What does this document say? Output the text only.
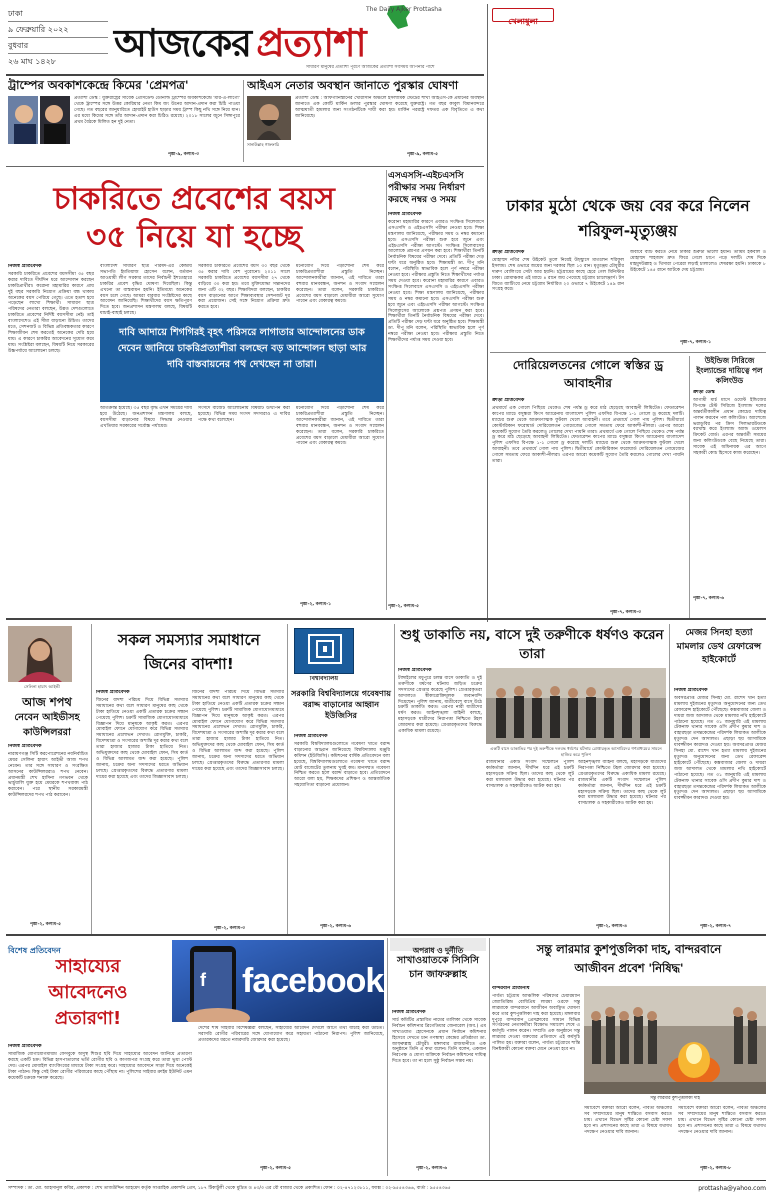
ঢাকা
৯ ফেব্রুয়ারি ২০২২
বুধবার
২৬ মাঘ ১৪২৮	আজকের প্রত্যাশা
The Daily Ajker Prottasha
সাধারণ মানুষের প্রত্যাশা পূরণে আজকের প্রত্যাশা সবসময় আপনার পাশে
ট্রাম্পের অবকাশকেন্দ্রে কিমের 'প্রেমপত্র'
প্রত্যাশা ডেস্ক : যুক্তরাষ্ট্রের সাবেক প্রেসিডেন্ট ডোনাল্ড ট্রাম্পের অবকাশকেন্দ্রে 'মার-এ-লাগো' থেকে ট্রাম্পের সঙ্গে উত্তর কোরিয়ার নেতা কিম জং উনের আদান-প্রদান করা চিঠি পাওয়া গেছে। গত বছরের জানুয়ারিতে হোয়াইট হাউস ছাড়ার সময় ট্রাম্প কিছু নথি সঙ্গে নিয়ে যান। এর মধ্যে কিমের সঙ্গে তাঁর আদান-প্রদান করা চিঠিও রয়েছে। ২০১৮ সালের জুনে সিঙ্গাপুরে প্রথম বৈঠকে মিলিত হন দুই নেতা।
পৃষ্ঠা-৯, কলাম-৩
আইএস নেতার অবস্থান জানাতে পুরস্কার ঘোষণা
সানাউল্লাহ গাফফারি
প্রত্যাশা ডেস্ক : আফগানিস্তানের খোরাসান অঞ্চলে ইসলামিক স্টেটের শাখা আইএস-কে প্রধানের অবস্থান জানাতে এক কোটি মার্কিন ডলার পুরস্কার ঘোষণা করেছে যুক্তরাষ্ট্র। গত বছর কাবুল বিমানবন্দরে আত্মঘাতী হামলার জন্য সংগঠনটিকে দায়ী করা হয়। মার্কিন পররাষ্ট্র দফতর এক বিবৃতিতে এ কথা জানিয়েছে।
পৃষ্ঠা-৯, কলাম-৫
চাকরিতে প্রবেশের বয়স
৩৫ নিয়ে যা হচ্ছে
নিজস্ব প্রতিবেদক
সরকারি চাকরিতে প্রবেশের বয়সসীমা ৩৫ বছর করার দাবিতে দীর্ঘদিন ধরে আন্দোলন করছেন চাকরিপ্রার্থীরা। করোনা মহামারির কারণে প্রায় দুই বছর সরকারি নিয়োগ প্রক্রিয়া বন্ধ থাকায় অনেকের বয়স পেরিয়ে গেছে। এতে হতাশ হয়ে পড়েছেন লাখো শিক্ষার্থী। সাধারণ ছাত্র পরিষদের নেতারা বলছেন, উন্নত দেশগুলোতে চাকরিতে প্রবেশের নির্দিষ্ট বয়সসীমা নেই। তাই বাংলাদেশেও এই সীমা বাড়ানো উচিত। তাদের মতে, সেশনজট ও বিভিন্ন প্রতিবন্ধকতার কারণে শিক্ষাজীবন শেষ করতেই অনেকের দেরি হয়ে যায়। এ কারণে চাকরির আবেদনের সুযোগ কমে যায়। সংশ্লিষ্টরা বলছেন, বিষয়টি নিয়ে সরকারের উচ্চপর্যায়ে আলোচনা চলছে।
বাংলাদেশ সাধারণ ছাত্র পরিষদ-এর কেন্দ্রীয় সভাপতি ইমতিয়াজ হোসেন বলেন, বর্তমান আওয়ামী লীগ সরকার তাদের নির্বাচনী ইশতেহারে চাকরির প্রবেশ বৃদ্ধির ঘোষণা দিয়েছিল। কিন্তু এখনো তা বাস্তবায়ন হয়নি। ইতিমধ্যে অনেকের বয়স চলে গেছে। আমরা বারবার সংশ্লিষ্টদের কাছে আবেদন জানিয়েছি। শিক্ষার্থীদের বয়স ক্ষতিপূরণ দিতে হবে। জনপ্রশাসন মন্ত্রণালয় বলছে, বিষয়টি যাচাই-বাছাই চলছে।
সরকারি চাকরিতে প্রবেশের বয়স ৩০ বছর থেকে ৩৫ করার দাবি বেশ পুরোনো। ২০১১ সালে সরকারি চাকরিতে প্রবেশের বয়সসীমা ২৭ থেকে বাড়িয়ে ৩০ করা হয়। তবে মুক্তিযোদ্ধা সন্তানদের জন্য এটি ৩২ বছর। শিক্ষাবিদরা বলছেন, চাকরির বয়স বাড়ানোর আগে শিক্ষাব্যবস্থার সেশনজট দূর করা প্রয়োজন। সেই সঙ্গে নিয়োগ প্রক্রিয়া দ্রুত করতে হবে।
মনোযোগ দিয়ে পড়াশোনা শেষ করে চাকরিপ্রত্যাশীরা প্রস্তুতি নিচ্ছেন। আন্দোলনকারীরা জানান, এই দাবিতে তারা বহুবার মানববন্ধন, অনশন ও সংবাদ সম্মেলন করেছেন। তারা বলেন, সরকারি চাকরিতে প্রবেশের বয়স বাড়ালে মেধাবীরা আরো সুযোগ পাবেন এবং বেকারত্ব কমবে।
দাবি আদায়ে শিগগিরই বৃহৎ পরিসরে লাগাতার আন্দোলনের ডাক দেবেন জানিয়ে চাকরিপ্রত্যাশীরা বলছেন বড় আন্দোলন ছাড়া আর দাবি বাস্তবায়নের পথ দেখছেন না তারা।
অতিক্রান্ত হয়েছে। ৩৫ বছর বৃদ্ধি এখন সময়ের দাবি হয়ে উঠেছে। জনপ্রশাসন মন্ত্রণালয় বলছে, বয়সসীমা বাড়ানোর বিষয়ে সিদ্ধান্ত নেওয়ার এখতিয়ার সরকারের সর্বোচ্চ পর্যায়ের।
সংসদে বাজেট আলোচনায় বিষয়টি উত্থাপন করা হয়েছে। বিভিন্ন সময় সংসদ সদস্যরাও এ দাবির পক্ষে কথা বলেছেন।
মনোযোগ দিয়ে পড়াশোনা শেষ করে চাকরিপ্রত্যাশীরা প্রস্তুতি নিচ্ছেন। আন্দোলনকারীরা জানান, এই দাবিতে তারা বহুবার মানববন্ধন, অনশন ও সংবাদ সম্মেলন করেছেন। তারা বলেন, সরকারি চাকরিতে প্রবেশের বয়স বাড়ালে মেধাবীরা আরো সুযোগ পাবেন এবং বেকারত্ব কমবে।
পৃষ্ঠা-২, কলাম-১
এসএসসি-এইচএসসি পরীক্ষার সময় নির্ধারণ করছে নম্বর ও সময়
নিজস্ব প্রতিবেদক
করোনা মহামারির কারণে এবারও সংক্ষিপ্ত সিলেবাসে এসএসসি ও এইচএসসি পরীক্ষা নেওয়া হবে। শিক্ষা মন্ত্রণালয় জানিয়েছে, পরীক্ষার সময় ও নম্বর কমানো হবে। এসএসসি পরীক্ষা শুরু হবে জুনে এবং এইচএসসি পরীক্ষা আগস্টে। সংক্ষিপ্ত সিলেবাসের আলোকে প্রশ্নপত্র প্রণয়ন করা হবে। শিক্ষার্থীরা তিনটি নৈর্বাচনিক বিষয়ের পরীক্ষা দেবে। প্রতিটি পরীক্ষা দেড় ঘণ্টা ধরে অনুষ্ঠিত হবে। শিক্ষামন্ত্রী ডা. দীপু মনি বলেন, পরিস্থিতি স্বাভাবিক হলে পূর্ণ নম্বরে পরীক্ষা নেওয়া হবে। পরীক্ষার প্রস্তুতি নিতে শিক্ষার্থীদের পর্যাপ্ত সময় দেওয়া হবে। করোনা মহামারির কারণে এবারও সংক্ষিপ্ত সিলেবাসে এসএসসি ও এইচএসসি পরীক্ষা নেওয়া হবে। শিক্ষা মন্ত্রণালয় জানিয়েছে, পরীক্ষার সময় ও নম্বর কমানো হবে। এসএসসি পরীক্ষা শুরু হবে জুনে এবং এইচএসসি পরীক্ষা আগস্টে। সংক্ষিপ্ত সিলেবাসের আলোকে প্রশ্নপত্র প্রণয়ন করা হবে। শিক্ষার্থীরা তিনটি নৈর্বাচনিক বিষয়ের পরীক্ষা দেবে। প্রতিটি পরীক্ষা দেড় ঘণ্টা ধরে অনুষ্ঠিত হবে। শিক্ষামন্ত্রী ডা. দীপু মনি বলেন, পরিস্থিতি স্বাভাবিক হলে পূর্ণ নম্বরে পরীক্ষা নেওয়া হবে। পরীক্ষার প্রস্তুতি নিতে শিক্ষার্থীদের পর্যাপ্ত সময় দেওয়া হবে।
পৃষ্ঠা-২, কলাম-৫
খেলাধুলা
BANQUET
23
NAIM
ঢাকার মুঠো থেকে জয় বের করে নিলেন শরিফুল-মৃত্যুঞ্জয়
ক্রীড়া প্রতিবেদক
মোহাম্মদ নবির শেষ উইকেট তুলে নিয়েই উচ্ছ্বাসে মাতলেন শরিফুল ইসলাম। শেষ ওভারে জয়ের জন্য দরকার ছিল ১০ রান। মৃত্যুঞ্জয় চৌধুরীর দারুণ বোলিংয়ে সেটা আর হয়নি। চট্টগ্রামের কাছে হেরে গেল মিনিস্টার ঢাকা। রোমাঞ্চকর এই ম্যাচে ৪ রানে জয় পেয়েছে চট্টগ্রাম চ্যালেঞ্জার্স। টস জিতে ব্যাটিংয়ে নেমে চট্টগ্রাম নির্ধারিত ২০ ওভারে ৭ উইকেটে ১৪৯ রান সংগ্রহ করে।
জবাবে ব্যাট করতে নেমে ঢাকার শুরুটা ভালো হয়নি। তামিম ইকবাল ও মোহাম্মদ শাহজাদ দ্রুত ফিরে গেলে চাপে পড়ে দলটি। শেষ দিকে মাহমুদউল্লাহ ও থিসারা পেরেরা লড়াই চালালেও শেষরক্ষা হয়নি। ঢাকাকে ৮ উইকেটে ১৪৫ রানে আটকে দেয় চট্টগ্রাম।
পৃষ্ঠা-৭, কলাম-১
দোরিয়েলতনের গোলে স্বস্তির ড্র আবাহনীর
ক্রীড়া প্রতিবেদক
প্রথমার্ধে এক গোলে পিছিয়ে থেকেও শেষ পর্যন্ত ড্র করে মাঠ ছেড়েছে আবাহনী লিমিটেড। ফেডারেশন কাপের ম্যাচে বসুন্ধরা কিংস অ্যারেনায় বাংলাদেশ পুলিশ এফসির বিপক্ষে ১-১ গোলে ড্র করেছে দলটি। ম্যাচের শুরু থেকে আক্রমণাত্মক ফুটবল খেলে আবাহনী। তবে প্রথমার্ধে গোল পায় পুলিশ। দ্বিতীয়ার্ধে কোস্টারিকান ফরোয়ার্ড দোরিয়েলতন গোমেজের গোলে সমতায় ফেরে আকাশী-নীলরা। এরপর আরো কয়েকটি সুযোগ তৈরি করলেও গোলের দেখা পায়নি তারা। প্রথমার্ধে এক গোলে পিছিয়ে থেকেও শেষ পর্যন্ত ড্র করে মাঠ ছেড়েছে আবাহনী লিমিটেড। ফেডারেশন কাপের ম্যাচে বসুন্ধরা কিংস অ্যারেনায় বাংলাদেশ পুলিশ এফসির বিপক্ষে ১-১ গোলে ড্র করেছে দলটি। ম্যাচের শুরু থেকে আক্রমণাত্মক ফুটবল খেলে আবাহনী। তবে প্রথমার্ধে গোল পায় পুলিশ। দ্বিতীয়ার্ধে কোস্টারিকান ফরোয়ার্ড দোরিয়েলতন গোমেজের গোলে সমতায় ফেরে আকাশী-নীলরা। এরপর আরো কয়েকটি সুযোগ তৈরি করলেও গোলের দেখা পায়নি তারা।
পৃষ্ঠা-৭, কলাম-৩
উইন্ডিজ সিরিজে ইংল্যান্ডের দায়িত্বে পল কলিংউড
ক্রীড়া ডেস্ক
আগামী মার্চ মাসে ওয়েস্ট ইন্ডিজের বিপক্ষে টেস্ট সিরিজে ইংল্যান্ড দলের অন্তর্বর্তীকালীন প্রধান কোচের দায়িত্ব পালন করবেন পল কলিংউড। অ্যাশেজে ভরাডুবির পর ক্রিস সিলভারউডকে বরখাস্ত করে ইংল্যান্ড অ্যান্ড ওয়েলস ক্রিকেট বোর্ড। এরপর অন্তর্বর্তী সময়ের জন্য কলিংউডকে বেছে নিয়েছে তারা। সাবেক এই অধিনায়ক এর আগে সহকারী কোচ হিসেবে কাজ করেছেন।
পৃষ্ঠা-৭, কলাম-৬
সেলিনা হায়াৎ আইভী
আজ শপথ
নেবেন আইভীসহ
কাউন্সিলররা
নিজস্ব প্রতিবেদক
নারায়ণগঞ্জ সিটি করপোরেশনের নবনির্বাচিত মেয়র সেলিনা হায়াৎ আইভী আজ শপথ নেবেন। তার সঙ্গে সাধারণ ও সংরক্ষিত আসনের কাউন্সিলররাও শপথ নেবেন। প্রধানমন্ত্রী শেখ হাসিনা গণভবন থেকে ভার্চুয়ালি যুক্ত হয়ে মেয়রকে শপথবাক্য পাঠ করাবেন। পরে স্থানীয় সরকারমন্ত্রী কাউন্সিলরদের শপথ পাঠ করাবেন।
পৃষ্ঠা-২, কলাম-৫
সকল সমস্যার সমাধানে
জিনের বাদশা!
নিজস্ব প্রতিবেদক
জিনের বাদশা পরিচয় দিয়ে বিভিন্ন সমস্যার সমাধানের কথা বলে সাধারণ মানুষের কাছ থেকে টাকা হাতিয়ে নেওয়া একটি প্রতারক চক্রের সন্ধান পেয়েছে পুলিশ। চক্রটি সামাজিক যোগাযোগমাধ্যমে বিজ্ঞাপন দিয়ে মানুষকে আকৃষ্ট করত। এরপর মোবাইল ফোনে যোগাযোগ করে বিভিন্ন সমস্যার সমাধানের প্রলোভন দেখাত। রোগমুক্তি, চাকরি, বিদেশযাত্রা ও সংসারের অশান্তি দূর করার কথা বলে তারা হাজার হাজার টাকা হাতিয়ে নিত। অভিযুক্তদের কাছ থেকে মোবাইল ফোন, সিম কার্ড ও বিভিন্ন আলামত জব্দ করা হয়েছে। পুলিশ জানায়, চক্রের অন্য সদস্যদের ধরতে অভিযান চলছে। গ্রেপ্তারকৃতদের বিরুদ্ধে প্রতারণার মামলা দায়ের করা হয়েছে এবং তাদের জিজ্ঞাসাবাদ চলছে।
জিনের বাদশা পরিচয় দিয়ে বিভিন্ন সমস্যার সমাধানের কথা বলে সাধারণ মানুষের কাছ থেকে টাকা হাতিয়ে নেওয়া একটি প্রতারক চক্রের সন্ধান পেয়েছে পুলিশ। চক্রটি সামাজিক যোগাযোগমাধ্যমে বিজ্ঞাপন দিয়ে মানুষকে আকৃষ্ট করত। এরপর মোবাইল ফোনে যোগাযোগ করে বিভিন্ন সমস্যার সমাধানের প্রলোভন দেখাত। রোগমুক্তি, চাকরি, বিদেশযাত্রা ও সংসারের অশান্তি দূর করার কথা বলে তারা হাজার হাজার টাকা হাতিয়ে নিত। অভিযুক্তদের কাছ থেকে মোবাইল ফোন, সিম কার্ড ও বিভিন্ন আলামত জব্দ করা হয়েছে। পুলিশ জানায়, চক্রের অন্য সদস্যদের ধরতে অভিযান চলছে। গ্রেপ্তারকৃতদের বিরুদ্ধে প্রতারণার মামলা দায়ের করা হয়েছে এবং তাদের জিজ্ঞাসাবাদ চলছে।
পৃষ্ঠা-২, কলাম-৩
বিশ্ববিদ্যালয়
সরকারি বিশ্ববিদ্যালয়ে গবেষণায় বরাদ্দ বাড়ানোর আহ্বান ইউজিসির
নিজস্ব প্রতিবেদক
সরকারি বিশ্ববিদ্যালয়গুলোতে গবেষণা খাতে বরাদ্দ বাড়ানোর আহ্বান জানিয়েছে বিশ্ববিদ্যালয় মঞ্জুরি কমিশন (ইউজিসি)। কমিশনের বার্ষিক প্রতিবেদনে বলা হয়েছে, বিশ্ববিদ্যালয়গুলোতে গবেষণা খাতে বরাদ্দ মোট বাজেটের তুলনায় খুবই কম। মানসম্মত গবেষণা নিশ্চিত করতে হলে বরাদ্দ বাড়াতে হবে। প্রতিবেদনে আরো বলা হয়, শিক্ষকদের প্রশিক্ষণ ও আন্তর্জাতিক সহযোগিতা বাড়ানো প্রয়োজন।
পৃষ্ঠা-২, কলাম-৬
শুধু ডাকাতি নয়, বাসে দুই তরুণীকে ধর্ষণও করেন তারা
নিজস্ব প্রতিবেদক
টাঙ্গাইলের মধুপুরে চলন্ত বাসে ডাকাতি ও দুই তরুণীকে ধর্ষণের ঘটনায় জড়িত চক্রের সদস্যদের গ্রেপ্তার করেছে পুলিশ। গ্রেপ্তারকৃতরা আদালতে স্বীকারোক্তিমূলক জবানবন্দি দিয়েছেন। পুলিশ জানায়, যাত্রীবেশে বাসে উঠে চক্রটি ডাকাতি করত। এরপর নারী যাত্রীদের ধর্ষণ করত। আইনশৃঙ্খলা বাহিনী বলছে, মহাসড়কে যাত্রীদের নিরাপত্তা নিশ্চিতে টহল জোরদার করা হয়েছে। গ্রেপ্তারকৃতদের বিরুদ্ধে একাধিক মামলা রয়েছে।
একটি বাসে ডাকাতির পর দুই তরুণীকে দলবদ্ধ ধর্ষণের ঘটনায় গ্রেপ্তারকৃত আসামিদের গণমাধ্যমের সামনে হাজির করে পুলিশ
রাজধানীর একটি সংবাদ সম্মেলনে পুলিশ কর্মকর্তারা জানান, দীর্ঘদিন ধরে এই চক্রটি মহাসড়কে সক্রিয় ছিল। তাদের কাছ থেকে লুট করা মালামাল উদ্ধার করা হয়েছে। ঘটনার পর বাসচালক ও সহকারীকেও আটক করা হয়।
আইনশৃঙ্খলা বাহিনী বলছে, মহাসড়কে যাত্রীদের নিরাপত্তা নিশ্চিতে টহল জোরদার করা হয়েছে। গ্রেপ্তারকৃতদের বিরুদ্ধে একাধিক মামলা রয়েছে। রাজধানীর একটি সংবাদ সম্মেলনে পুলিশ কর্মকর্তারা জানান, দীর্ঘদিন ধরে এই চক্রটি মহাসড়কে সক্রিয় ছিল। তাদের কাছ থেকে লুট করা মালামাল উদ্ধার করা হয়েছে। ঘটনার পর বাসচালক ও সহকারীকেও আটক করা হয়।
পৃষ্ঠা-২, কলাম-৪
মেজর সিনহা হত্যা মামলার ডেথ রেফারেন্স হাইকোর্টে
নিজস্ব প্রতিবেদক
অবসরপ্রাপ্ত মেজর সিনহা মো. রাশেদ খান হত্যা মামলায় দুইজনের মৃত্যুদণ্ড অনুমোদনের জন্য ডেথ রেফারেন্স হাইকোর্টে পৌঁছেছে। কক্সবাজার জেলা ও দায়রা জজ আদালত থেকে মামলার নথি হাইকোর্টে পাঠানো হয়েছে। গত ৩১ জানুয়ারি এই মামলায় টেকনাফ থানার সাবেক ওসি প্রদীপ কুমার দাশ ও বাহারছড়া তদন্তকেন্দ্রের পরিদর্শক লিয়াকত আলীকে মৃত্যুদণ্ড দেন আদালত। এছাড়া ছয় আসামিকে যাবজ্জীবন কারাদণ্ড দেওয়া হয়। অবসরপ্রাপ্ত মেজর সিনহা মো. রাশেদ খান হত্যা মামলায় দুইজনের মৃত্যুদণ্ড অনুমোদনের জন্য ডেথ রেফারেন্স হাইকোর্টে পৌঁছেছে। কক্সবাজার জেলা ও দায়রা জজ আদালত থেকে মামলার নথি হাইকোর্টে পাঠানো হয়েছে। গত ৩১ জানুয়ারি এই মামলায় টেকনাফ থানার সাবেক ওসি প্রদীপ কুমার দাশ ও বাহারছড়া তদন্তকেন্দ্রের পরিদর্শক লিয়াকত আলীকে মৃত্যুদণ্ড দেন আদালত। এছাড়া ছয় আসামিকে যাবজ্জীবন কারাদণ্ড দেওয়া হয়।
পৃষ্ঠা-২, কলাম-৭
বিশেষ প্রতিবেদন
সাহায্যের
আবেদনেও
প্রতারণা!
f facebook
নিজস্ব প্রতিবেদক
সামাজিক যোগাযোগমাধ্যম ফেসবুকে অসুস্থ শিশুর ছবি দিয়ে সাহায্যের আবেদন জানিয়ে প্রতারণা করছে একটি চক্র। বিভিন্ন হাসপাতালের ভর্তি রোগীর ছবি ও কাগজপত্র সংগ্রহ করে তারা ভুয়া পোস্ট দেয়। এরপর মোবাইল ব্যাংকিংয়ের মাধ্যমে টাকা সংগ্রহ করে। সাহায্যের আবেদনে সাড়া দিয়ে অনেকেই টাকা পাঠান। কিন্তু সেই টাকা রোগীর পরিবারের কাছে পৌঁছায় না। পুলিশের সাইবার ক্রাইম ইউনিট এমন কয়েকটি চক্রকে শনাক্ত করেছে।
দেশের শীর্ষ সাইবার বিশেষজ্ঞরা বলছেন, সাহায্যের আবেদন দেখলে আগে তথ্য যাচাই করা উচিত। সরাসরি রোগীর পরিবারের সঙ্গে যোগাযোগ করে সহায়তা পাঠানো নিরাপদ। পুলিশ জানিয়েছে, প্রতারকদের ধরতে নজরদারি জোরদার করা হয়েছে।
পৃষ্ঠা-২, কলাম-৫
অপরাধ ও দুর্নীতি
সাখাওয়াতকে সিসিসি চান জাফরুল্লাহ
নিজস্ব প্রতিবেদক
সার্চ কমিটির প্রস্তাবিত নামের তালিকা থেকে সাবেক নির্বাচন কমিশনার ব্রিগেডিয়ার জেনারেল (অব.) এম সাখাওয়াত হোসেনকে প্রধান নির্বাচন কমিশনার হিসেবে দেখতে চান গণস্বাস্থ্য কেন্দ্রের প্রতিষ্ঠাতা ডা. জাফরুল্লাহ চৌধুরী। মঙ্গলবার রাজধানীতে এক অনুষ্ঠানে তিনি এ কথা বলেন। তিনি বলেন, একজন নিরপেক্ষ ও যোগ্য ব্যক্তিকে নির্বাচন কমিশনের দায়িত্ব দিতে হবে। তা না হলে সুষ্ঠু নির্বাচন সম্ভব নয়।
পৃষ্ঠা-২, কলাম-৬
সন্তু লারমার কুশপুত্তলিকা দাহ, বান্দরবানে
আজীবন প্রবেশ 'নিষিদ্ধ'
বান্দরবান প্রতিনিধি
পার্বত্য চট্টগ্রাম আঞ্চলিক পরিষদের চেয়ারম্যান জ্যোতিরিন্দ্র বোধিপ্রিয় লারমা ওরফে সন্তু লারমাকে বান্দরবানে আজীবন অবাঞ্ছিত ঘোষণা করে তার কুশপুত্তলিকা দাহ করা হয়েছে। মঙ্গলবার দুপুরে বান্দরবান প্রেসক্লাবের সামনে বিভিন্ন সংগঠনের নেতাকর্মীরা বিক্ষোভ সমাবেশ শেষে এ কর্মসূচি পালন করেন। সম্প্রতি এক অনুষ্ঠানে সন্তু লারমার দেওয়া বক্তব্যের প্রতিবাদে এই কর্মসূচি পালিত হয়। বক্তারা বলেন, পার্বত্য চট্টগ্রামে শান্তি বিনষ্টকারী কোনো বক্তব্য মেনে নেওয়া হবে না।
সন্তু লারমার কুশপুত্তলিকা দাহ
সমাবেশে বক্তারা আরো বলেন, পার্বত্য অঞ্চলের সব সম্প্রদায়ের মানুষ শান্তিতে বসবাস করতে চায়। এখানে বিভেদ সৃষ্টির কোনো চেষ্টা সফল হবে না। প্রশাসনের কাছে তারা এ বিষয়ে যথাযথ পদক্ষেপ নেওয়ার দাবি জানান।
সমাবেশে বক্তারা আরো বলেন, পার্বত্য অঞ্চলের সব সম্প্রদায়ের মানুষ শান্তিতে বসবাস করতে চায়। এখানে বিভেদ সৃষ্টির কোনো চেষ্টা সফল হবে না। প্রশাসনের কাছে তারা এ বিষয়ে যথাযথ পদক্ষেপ নেওয়ার দাবি জানান।
পৃষ্ঠা-২, কলাম-৮
সম্পাদক : ডা. মো. আহসানুল কবির, প্রকাশক : শেখ তাজউদ্দিন আহমেদ কর্তৃক সাপ্তাহিক প্রকাশনি প্রেস, ১৮৭ টিকাটুলী থেকে মুদ্রিত ও ৪৩/৩ এর বৌ বাজার থেকে প্রকাশিত। ফোন : ০২-৪৭১২৩৮১১, ফ্যাক্স : ০২-৯৫৫৪৩৬৬, বার্তা : ৯৫৫৪৩৬৫	prottasha@yahoo.com
